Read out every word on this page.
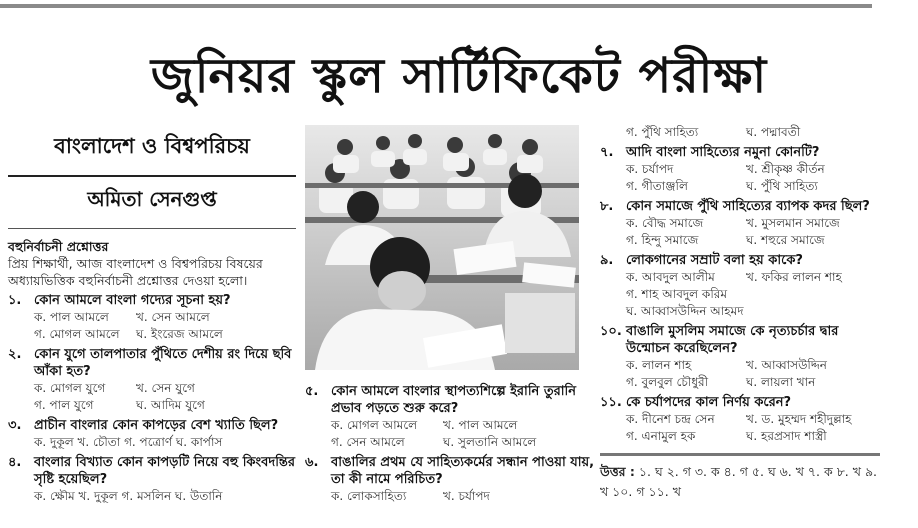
জুনিয়র স্কুল সার্টিফিকেট পরীক্ষা
বাংলাদেশ ও বিশ্বপরিচয়
অমিতা সেনগুপ্ত
বহুনির্বাচনী প্রশ্নোত্তর
প্রিয় শিক্ষার্থী, আজ বাংলাদেশ ও বিশ্বপরিচয় বিষয়ের অধ্যায়ভিত্তিক বহুনির্বাচনী প্রশ্নোত্তর দেওয়া হলো।
১. কোন আমলে বাংলা গদ্যের সূচনা হয়?
ক. পাল আমলে	খ. সেন আমলে
গ. মোগল আমলে	ঘ. ইংরেজ আমলে
২. কোন যুগে তালপাতার পুঁথিতে দেশীয় রং দিয়ে ছবি আঁকা হত?
ক. মোগল যুগে	খ. সেন যুগে
গ. পাল যুগে	ঘ. আদিম যুগে
৩. প্রাচীন বাংলার কোন কাপড়ের বেশ খ্যাতি ছিল?
ক. দুকূল খ. চৌতা গ. পত্রোর্ণ ঘ. কার্পাস
৪. বাংলার বিখ্যাত কোন কাপড়টি নিয়ে বহু কিংবদন্তির সৃষ্টি হয়েছিল?
ক. ক্ষৌম খ. দুকূল গ. মসলিন ঘ. উতানি
৫. কোন আমলে বাংলার স্থাপত্যশিল্পে ইরানি তুরানি প্রভাব পড়তে শুরু করে?
ক. মোগল আমলে	খ. পাল আমলে
গ. সেন আমলে	ঘ. সুলতানি আমলে
৬. বাঙালির প্রথম যে সাহিত্যকর্মের সন্ধান পাওয়া যায়, তা কী নামে পরিচিত?
ক. লোকসাহিত্য	খ. চর্যাপদ
গ. পুঁথি সাহিত্য	ঘ. পদ্মাবতী
৭. আদি বাংলা সাহিত্যের নমুনা কোনটি?
ক. চর্যাপদ	খ. শ্রীকৃষ্ণ কীর্তন
গ. গীতাঞ্জলি	ঘ. পুঁথি সাহিত্য
৮. কোন সমাজে পুঁথি সাহিত্যের ব্যাপক কদর ছিল?
ক. বৌদ্ধ সমাজে	খ. মুসলমান সমাজে
গ. হিন্দু সমাজে	ঘ. শহুরে সমাজে
৯. লোকগানের সম্রাট বলা হয় কাকে?
ক. আবদুল আলীম	খ. ফকির লালন শাহ
গ. শাহ আবদুল করিম
ঘ. আব্বাসউদ্দিন আহমদ
১০. বাঙালি মুসলিম সমাজে কে নৃত্যচর্চার দ্বার উন্মোচন করেছিলেন?
ক. লালন শাহ	খ. আব্বাসউদ্দিন
গ. বুলবুল চৌধুরী	ঘ. লায়লা খান
১১. কে চর্যাপদের কাল নির্ণয় করেন?
ক. দীনেশ চন্দ্র সেন	খ. ড. মুহম্মদ শহীদুল্লাহ
গ. এনামুল হক	ঘ. হরপ্রসাদ শাস্ত্রী
উত্তর : ১. ঘ ২. গ ৩. ক ৪. গ ৫. ঘ ৬. খ ৭. ক ৮. খ ৯. খ ১০. গ ১১. খ
